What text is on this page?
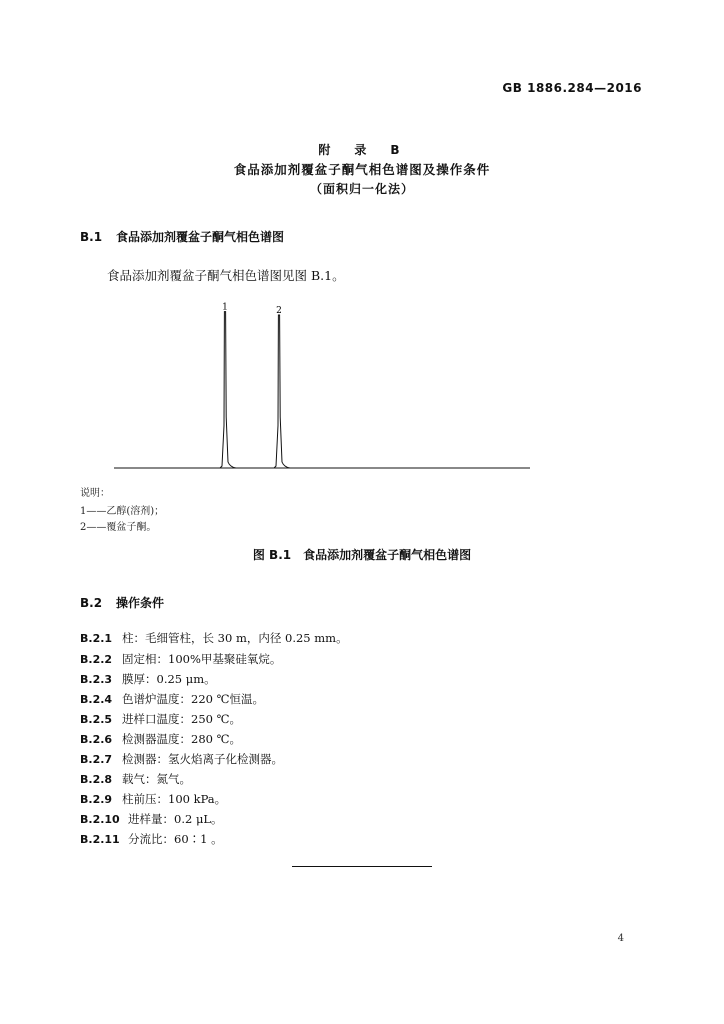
GB 1886.284—2016
附　录　B
食品添加剂覆盆子酮气相色谱图及操作条件
（面积归一化法）
B.1 食品添加剂覆盆子酮气相色谱图
食品添加剂覆盆子酮气相色谱图见图 B.1。
1	2
说明：
1——乙醇(溶剂)；
2——覆盆子酮。
图 B.1 食品添加剂覆盆子酮气相色谱图
B.2 操作条件
B.2.1 柱：毛细管柱，长 30 m，内径 0.25 mm。
B.2.2 固定相：100%甲基聚硅氧烷。
B.2.3 膜厚：0.25 μm。
B.2.4 色谱炉温度：220 ℃恒温。
B.2.5 进样口温度：250 ℃。
B.2.6 检测器温度：280 ℃。
B.2.7 检测器：氢火焰离子化检测器。
B.2.8 载气：氮气。
B.2.9 柱前压：100 kPa。
B.2.10 进样量：0.2 μL。
B.2.11 分流比：60∶1 。
4
